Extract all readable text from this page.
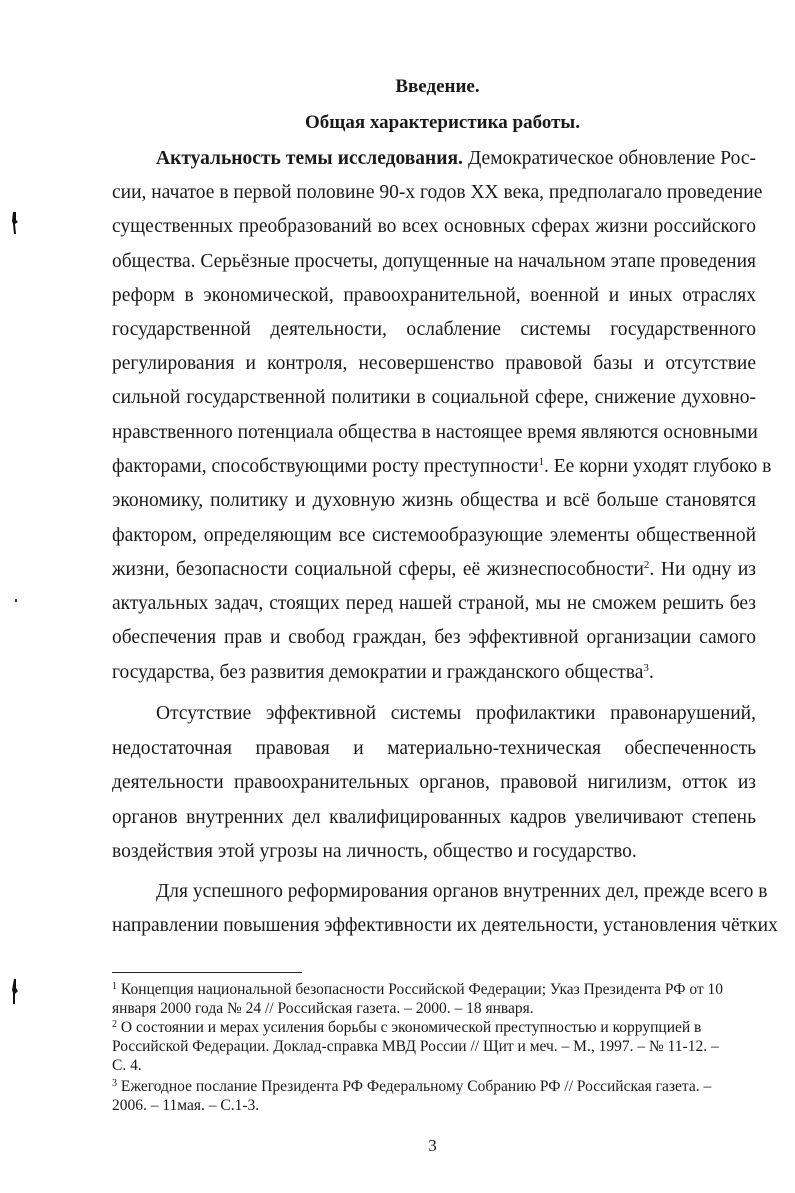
Введение.
Общая характеристика работы.
Актуальность темы исследования. Демократическое обновление Рос-
сии, начатое в первой половине 90-х годов XX века, предполагало проведение
существенных преобразований во всех основных сферах жизни российского
общества. Серьёзные просчеты, допущенные на начальном этапе проведения
реформ в экономической, правоохранительной, военной и иных отраслях
государственной деятельности, ослабление системы государственного
регулирования и контроля, несовершенство правовой базы и отсутствие
сильной государственной политики в социальной сфере, снижение духовно-
нравственного потенциала общества в настоящее время являются основными
факторами, способствующими росту преступности$^1$. Ее корни уходят глубоко в
экономику, политику и духовную жизнь общества и всё больше становятся
фактором, определяющим все системообразующие элементы общественной
жизни, безопасности социальной сферы, её жизнеспособности$^2$. Ни одну из
актуальных задач, стоящих перед нашей страной, мы не сможем решить без
обеспечения прав и свобод граждан, без эффективной организации самого
государства, без развития демократии и гражданского общества$^3$.
Отсутствие эффективной системы профилактики правонарушений,
недостаточная правовая и материально-техническая обеспеченность
деятельности правоохранительных органов, правовой нигилизм, отток из
органов внутренних дел квалифицированных кадров увеличивают степень
воздействия этой угрозы на личность, общество и государство.
Для успешного реформирования органов внутренних дел, прежде всего в
направлении повышения эффективности их деятельности, установления чётких
$^1$ Концепция национальной безопасности Российской Федерации; Указ Президента РФ от 10
января 2000 года № 24 // Российская газета. – 2000. – 18 января.
$^2$ О состоянии и мерах усиления борьбы с экономической преступностью и коррупцией в
Российской Федерации. Доклад-справка МВД России // Щит и меч. – М., 1997. – № 11-12. –
С. 4.
$^3$ Ежегодное послание Президента РФ Федеральному Собранию РФ // Российская газета. –
2006. – 11мая. – С.1-3.
3
